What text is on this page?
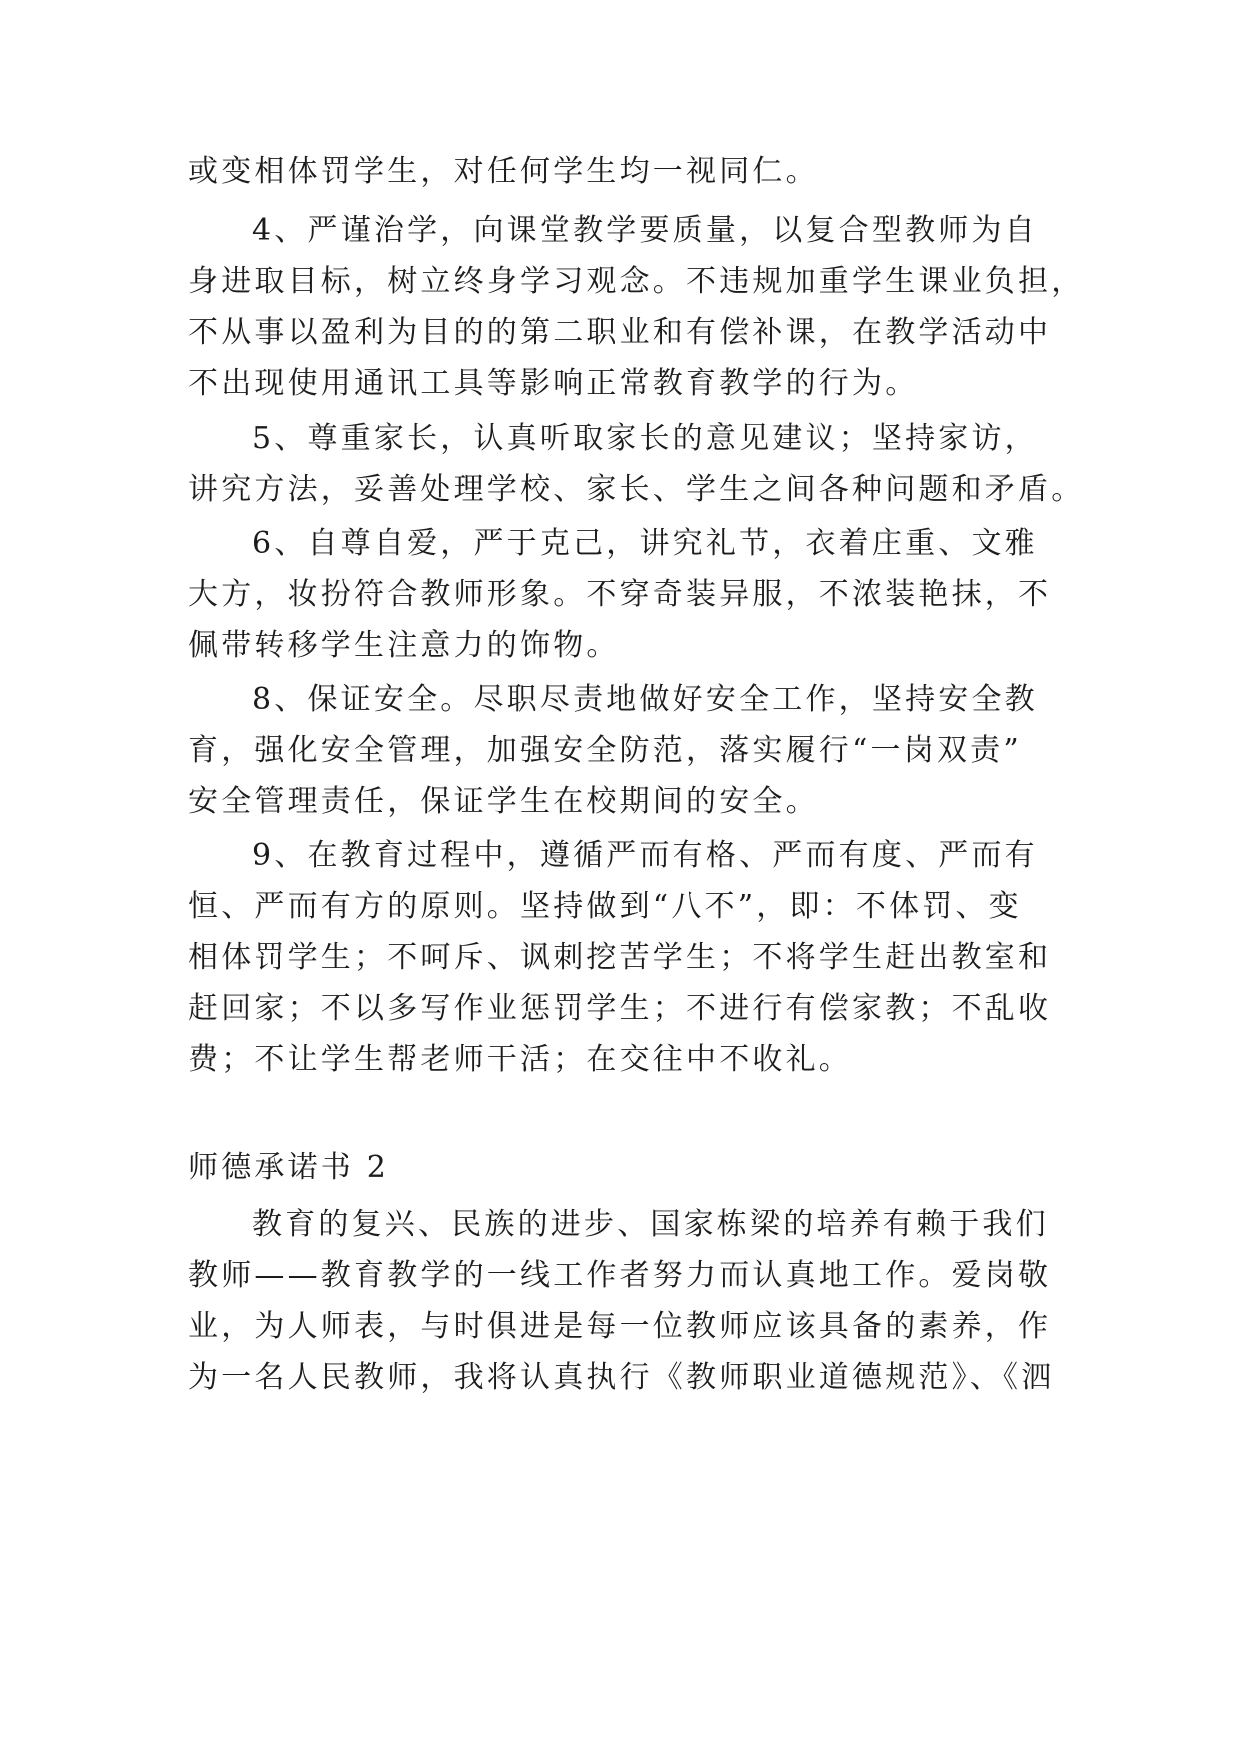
或变相体罚学生，对任何学生均一视同仁。
4、严谨治学，向课堂教学要质量，以复合型教师为自
身进取目标，树立终身学习观念。不违规加重学生课业负担，
不从事以盈利为目的的第二职业和有偿补课，在教学活动中
不出现使用通讯工具等影响正常教育教学的行为。
5、尊重家长，认真听取家长的意见建议；坚持家访，
讲究方法，妥善处理学校、家长、学生之间各种问题和矛盾。
6、自尊自爱，严于克己，讲究礼节，衣着庄重、文雅
大方，妆扮符合教师形象。不穿奇装异服，不浓装艳抹，不
佩带转移学生注意力的饰物。
8、保证安全。尽职尽责地做好安全工作，坚持安全教
育，强化安全管理，加强安全防范，落实履行“一岗双责”
安全管理责任，保证学生在校期间的安全。
9、在教育过程中，遵循严而有格、严而有度、严而有
恒、严而有方的原则。坚持做到“八不”，即：不体罚、变
相体罚学生；不呵斥、讽刺挖苦学生；不将学生赶出教室和
赶回家；不以多写作业惩罚学生；不进行有偿家教；不乱收
费；不让学生帮老师干活；在交往中不收礼。
师德承诺书 2
教育的复兴、民族的进步、国家栋梁的培养有赖于我们
教师——教育教学的一线工作者努力而认真地工作。爱岗敬
业，为人师表，与时俱进是每一位教师应该具备的素养，作
为一名人民教师，我将认真执行《教师职业道德规范》、《泗
